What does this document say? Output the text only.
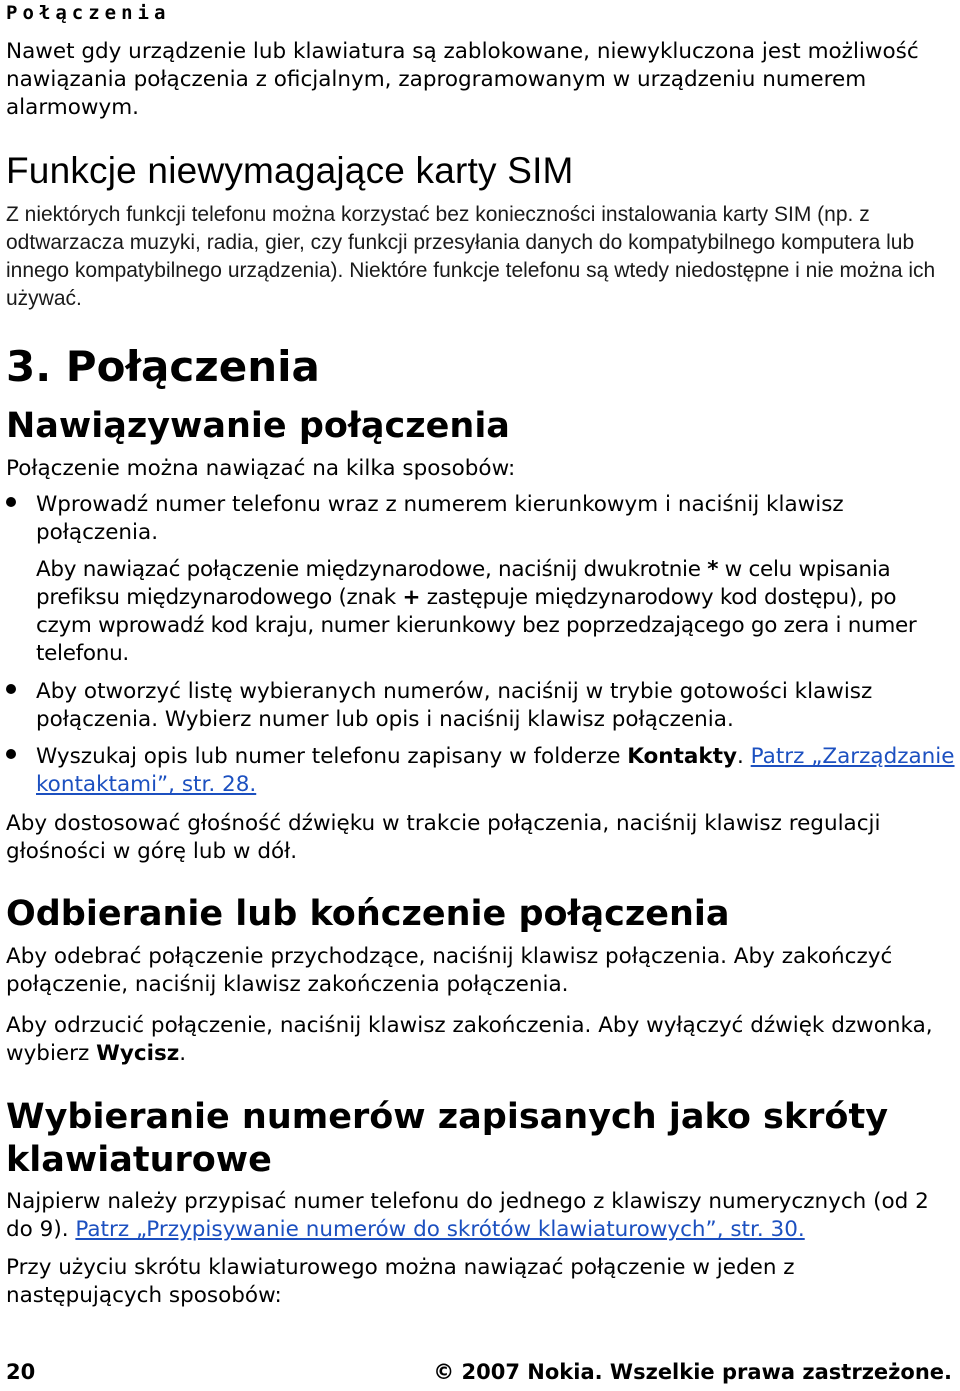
Połączenia

Nawet gdy urządzenie lub klawiatura są zablokowane, niewykluczona jest możliwość nawiązania połączenia z oficjalnym, zaprogramowanym w urządzeniu numerem alarmowym.

Funkcje niewymagające karty SIM

Z niektórych funkcji telefonu można korzystać bez konieczności instalowania karty SIM (np. z odtwarzacza muzyki, radia, gier, czy funkcji przesyłania danych do kompatybilnego komputera lub innego kompatybilnego urządzenia). Niektóre funkcje telefonu są wtedy niedostępne i nie można ich używać.

3. Połączenia
Nawiązywanie połączenia

Połączenie można nawiązać na kilka sposobów:

Wprowadź numer telefonu wraz z numerem kierunkowym i naciśnij klawisz połączenia.

Aby nawiązać połączenie międzynarodowe, naciśnij dwukrotnie * w celu wpisania prefiksu międzynarodowego (znak + zastępuje międzynarodowy kod dostępu), po czym wprowadź kod kraju, numer kierunkowy bez poprzedzającego go zera i numer telefonu.

Aby otworzyć listę wybieranych numerów, naciśnij w trybie gotowości klawisz połączenia. Wybierz numer lub opis i naciśnij klawisz połączenia.

Wyszukaj opis lub numer telefonu zapisany w folderze Kontakty. Patrz „Zarządzanie kontaktami”, str. 28.

Aby dostosować głośność dźwięku w trakcie połączenia, naciśnij klawisz regulacji głośności w górę lub w dół.

Odbieranie lub kończenie połączenia

Aby odebrać połączenie przychodzące, naciśnij klawisz połączenia. Aby zakończyć połączenie, naciśnij klawisz zakończenia połączenia.

Aby odrzucić połączenie, naciśnij klawisz zakończenia. Aby wyłączyć dźwięk dzwonka, wybierz Wycisz.

Wybieranie numerów zapisanych jako skróty
klawiaturowe

Najpierw należy przypisać numer telefonu do jednego z klawiszy numerycznych (od 2 do 9). Patrz „Przypisywanie numerów do skrótów klawiaturowych”, str. 30.

Przy użyciu skrótu klawiaturowego można nawiązać połączenie w jeden z następujących sposobów:

20	© 2007 Nokia. Wszelkie prawa zastrzeżone.
